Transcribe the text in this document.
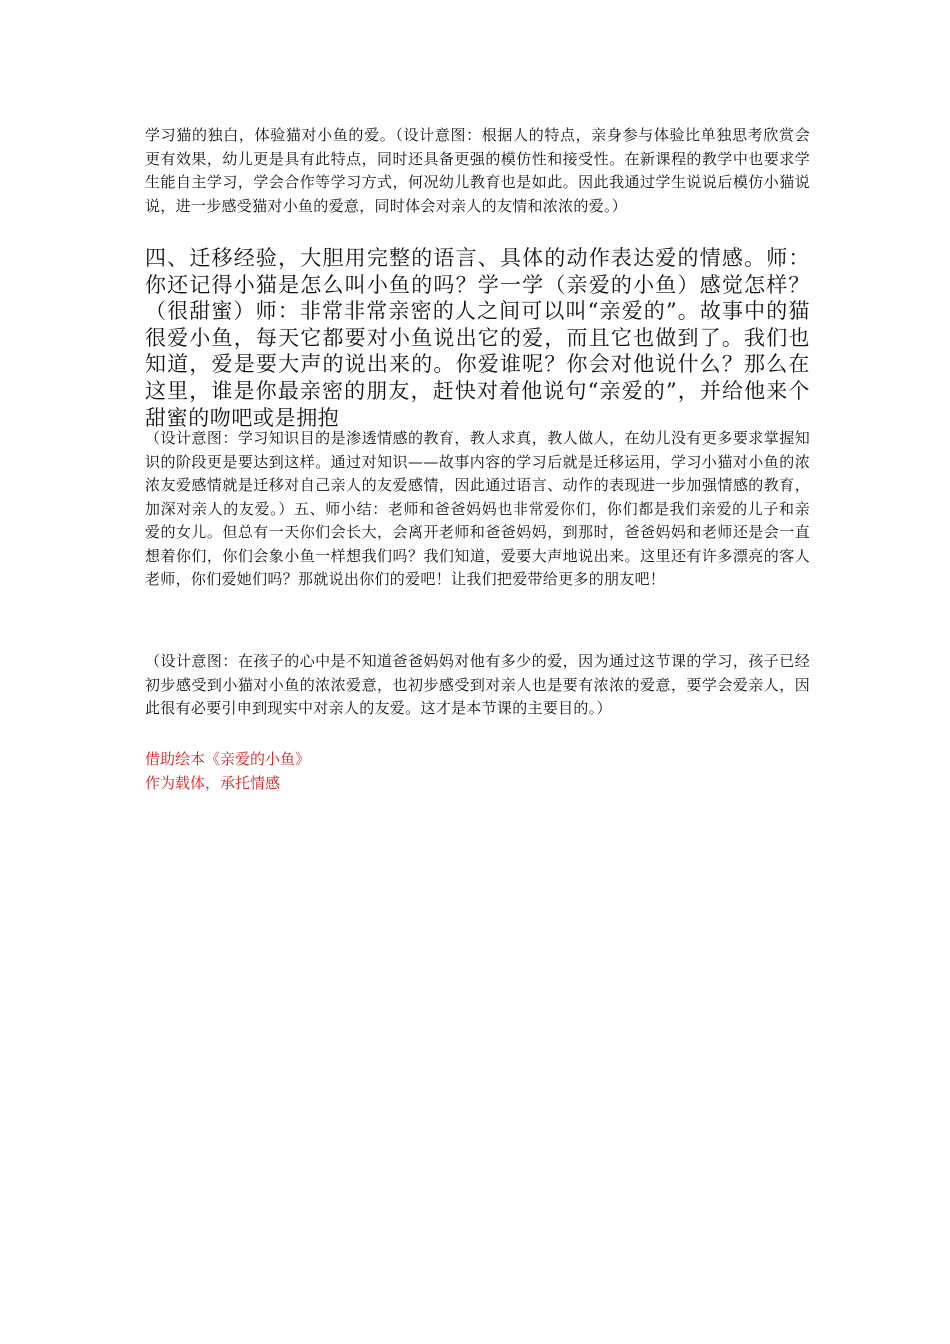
学习猫的独白，体验猫对小鱼的爱。（设计意图：根据人的特点，亲身参与体验比单独思考欣赏会更有效果，幼儿更是具有此特点，同时还具备更强的模仿性和接受性。在新课程的教学中也要求学生能自主学习，学会合作等学习方式，何况幼儿教育也是如此。因此我通过学生说说后模仿小猫说说，进一步感受猫对小鱼的爱意，同时体会对亲人的友情和浓浓的爱。）

四、迁移经验，大胆用完整的语言、具体的动作表达爱的情感。师：你还记得小猫是怎么叫小鱼的吗？学一学（亲爱的小鱼）感觉怎样？（很甜蜜）师：非常非常亲密的人之间可以叫“亲爱的”。故事中的猫很爱小鱼，每天它都要对小鱼说出它的爱，而且它也做到了。我们也知道，爱是要大声的说出来的。你爱谁呢？你会对他说什么？那么在这里，谁是你最亲密的朋友，赶快对着他说句“亲爱的”，并给他来个甜蜜的吻吧或是拥抱

（设计意图：学习知识目的是渗透情感的教育，教人求真，教人做人，在幼儿没有更多要求掌握知识的阶段更是要达到这样。通过对知识——故事内容的学习后就是迁移运用，学习小猫对小鱼的浓浓友爱感情就是迁移对自己亲人的友爱感情，因此通过语言、动作的表现进一步加强情感的教育，加深对亲人的友爱。）五、师小结：老师和爸爸妈妈也非常爱你们，你们都是我们亲爱的儿子和亲爱的女儿。但总有一天你们会长大，会离开老师和爸爸妈妈，到那时，爸爸妈妈和老师还是会一直想着你们，你们会象小鱼一样想我们吗？我们知道，爱要大声地说出来。这里还有许多漂亮的客人老师，你们爱她们吗？那就说出你们的爱吧！让我们把爱带给更多的朋友吧！

（设计意图：在孩子的心中是不知道爸爸妈妈对他有多少的爱，因为通过这节课的学习，孩子已经初步感受到小猫对小鱼的浓浓爱意，也初步感受到对亲人也是要有浓浓的爱意，要学会爱亲人，因此很有必要引申到现实中对亲人的友爱。这才是本节课的主要目的。）

借助绘本《亲爱的小鱼》

作为载体，承托情感
